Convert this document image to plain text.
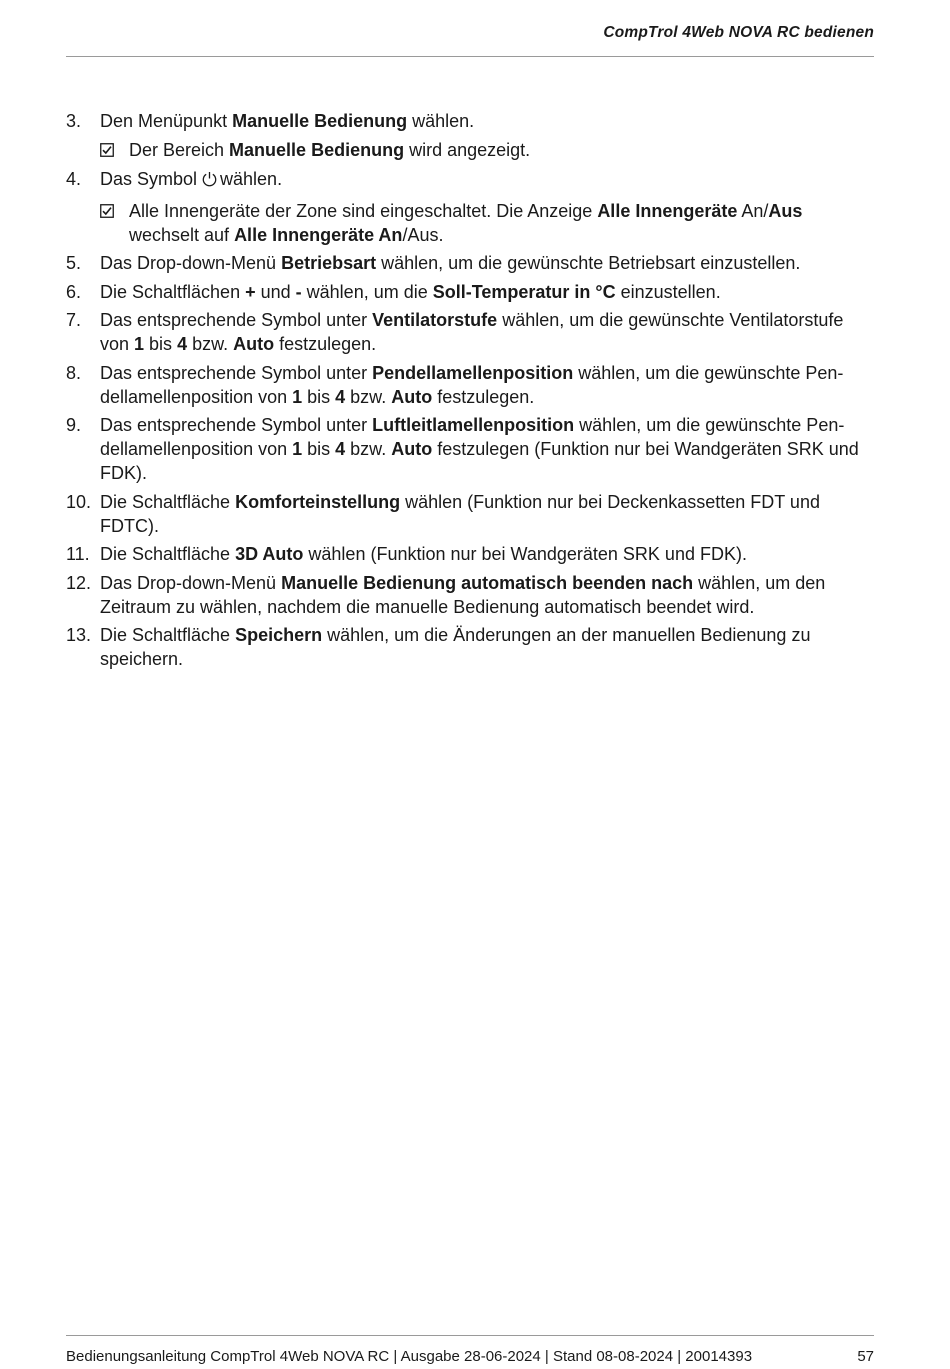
CompTrol 4Web NOVA RC bedienen
3.	Den Menüpunkt Manuelle Bedienung wählen.
Der Bereich Manuelle Bedienung wird angezeigt.
4.	Das Symbol wählen.
Alle Innengeräte der Zone sind eingeschaltet. Die Anzeige Alle Innengeräte An/Aus wechselt auf Alle Innengeräte An/Aus.
5.	Das Drop-down-Menü Betriebsart wählen, um die gewünschte Betriebsart einzustellen.
6.	Die Schaltflächen + und - wählen, um die Soll-Temperatur in °C einzustellen.
7.	Das entsprechende Symbol unter Ventilatorstufe wählen, um die gewünschte Ventilatorstufe von 1 bis 4 bzw. Auto festzulegen.
8.	Das entsprechende Symbol unter Pendellamellenposition wählen, um die gewünschte Pendellamellenposition von 1 bis 4 bzw. Auto festzulegen.
9.	Das entsprechende Symbol unter Luftleitlamellenposition wählen, um die gewünschte Pendellamellenposition von 1 bis 4 bzw. Auto festzulegen (Funktion nur bei Wandgeräten SRK und FDK).
10. Die Schaltfläche Komforteinstellung wählen (Funktion nur bei Deckenkassetten FDT und FDTC).
11. Die Schaltfläche 3D Auto wählen (Funktion nur bei Wandgeräten SRK und FDK).
12. Das Drop-down-Menü Manuelle Bedienung automatisch beenden nach wählen, um den Zeitraum zu wählen, nachdem die manuelle Bedienung automatisch beendet wird.
13. Die Schaltfläche Speichern wählen, um die Änderungen an der manuellen Bedienung zu speichern.
Bedienungsanleitung CompTrol 4Web NOVA RC | Ausgabe 28-06-2024 | Stand 08-08-2024 | 20014393	57
